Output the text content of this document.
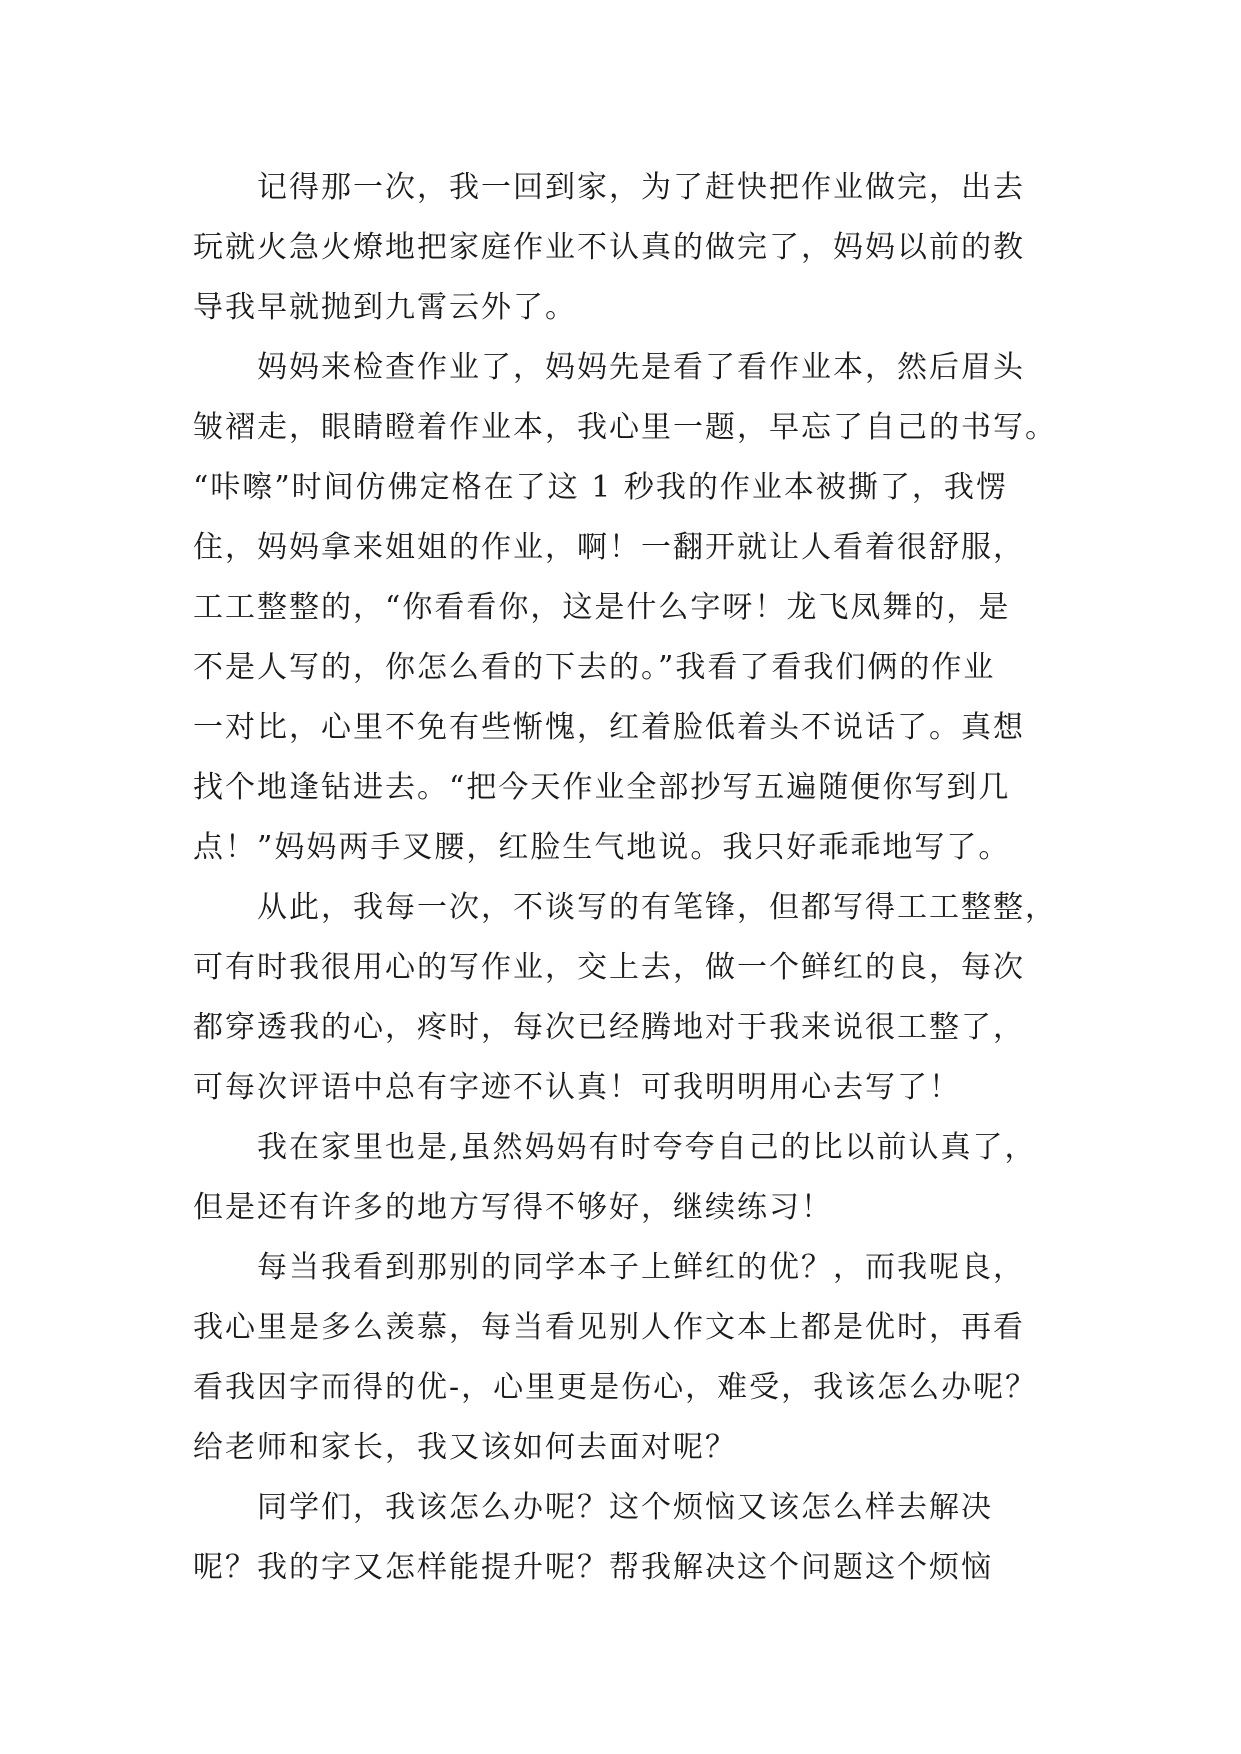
记得那一次，我一回到家，为了赶快把作业做完，出去
玩就火急火燎地把家庭作业不认真的做完了，妈妈以前的教
导我早就抛到九霄云外了。
妈妈来检查作业了，妈妈先是看了看作业本，然后眉头
皱褶走，眼睛瞪着作业本，我心里一题，早忘了自己的书写。
“咔嚓”时间仿佛定格在了这 1 秒我的作业本被撕了，我愣
住，妈妈拿来姐姐的作业，啊！一翻开就让人看着很舒服，
工工整整的，“你看看你，这是什么字呀！龙飞凤舞的，是
不是人写的，你怎么看的下去的。”我看了看我们俩的作业
一对比，心里不免有些惭愧，红着脸低着头不说话了。真想
找个地逢钻进去。“把今天作业全部抄写五遍随便你写到几
点！”妈妈两手叉腰，红脸生气地说。我只好乖乖地写了。
从此，我每一次，不谈写的有笔锋，但都写得工工整整，
可有时我很用心的写作业，交上去，做一个鲜红的良，每次
都穿透我的心，疼时，每次已经腾地对于我来说很工整了，
可每次评语中总有字迹不认真！可我明明用心去写了！
我在家里也是,虽然妈妈有时夸夸自己的比以前认真了，
但是还有许多的地方写得不够好，继续练习！
每当我看到那别的同学本子上鲜红的优？，而我呢良，
我心里是多么羡慕，每当看见别人作文本上都是优时，再看
看我因字而得的优-，心里更是伤心，难受，我该怎么办呢？
给老师和家长，我又该如何去面对呢？
同学们，我该怎么办呢？这个烦恼又该怎么样去解决
呢？我的字又怎样能提升呢？帮我解决这个问题这个烦恼
